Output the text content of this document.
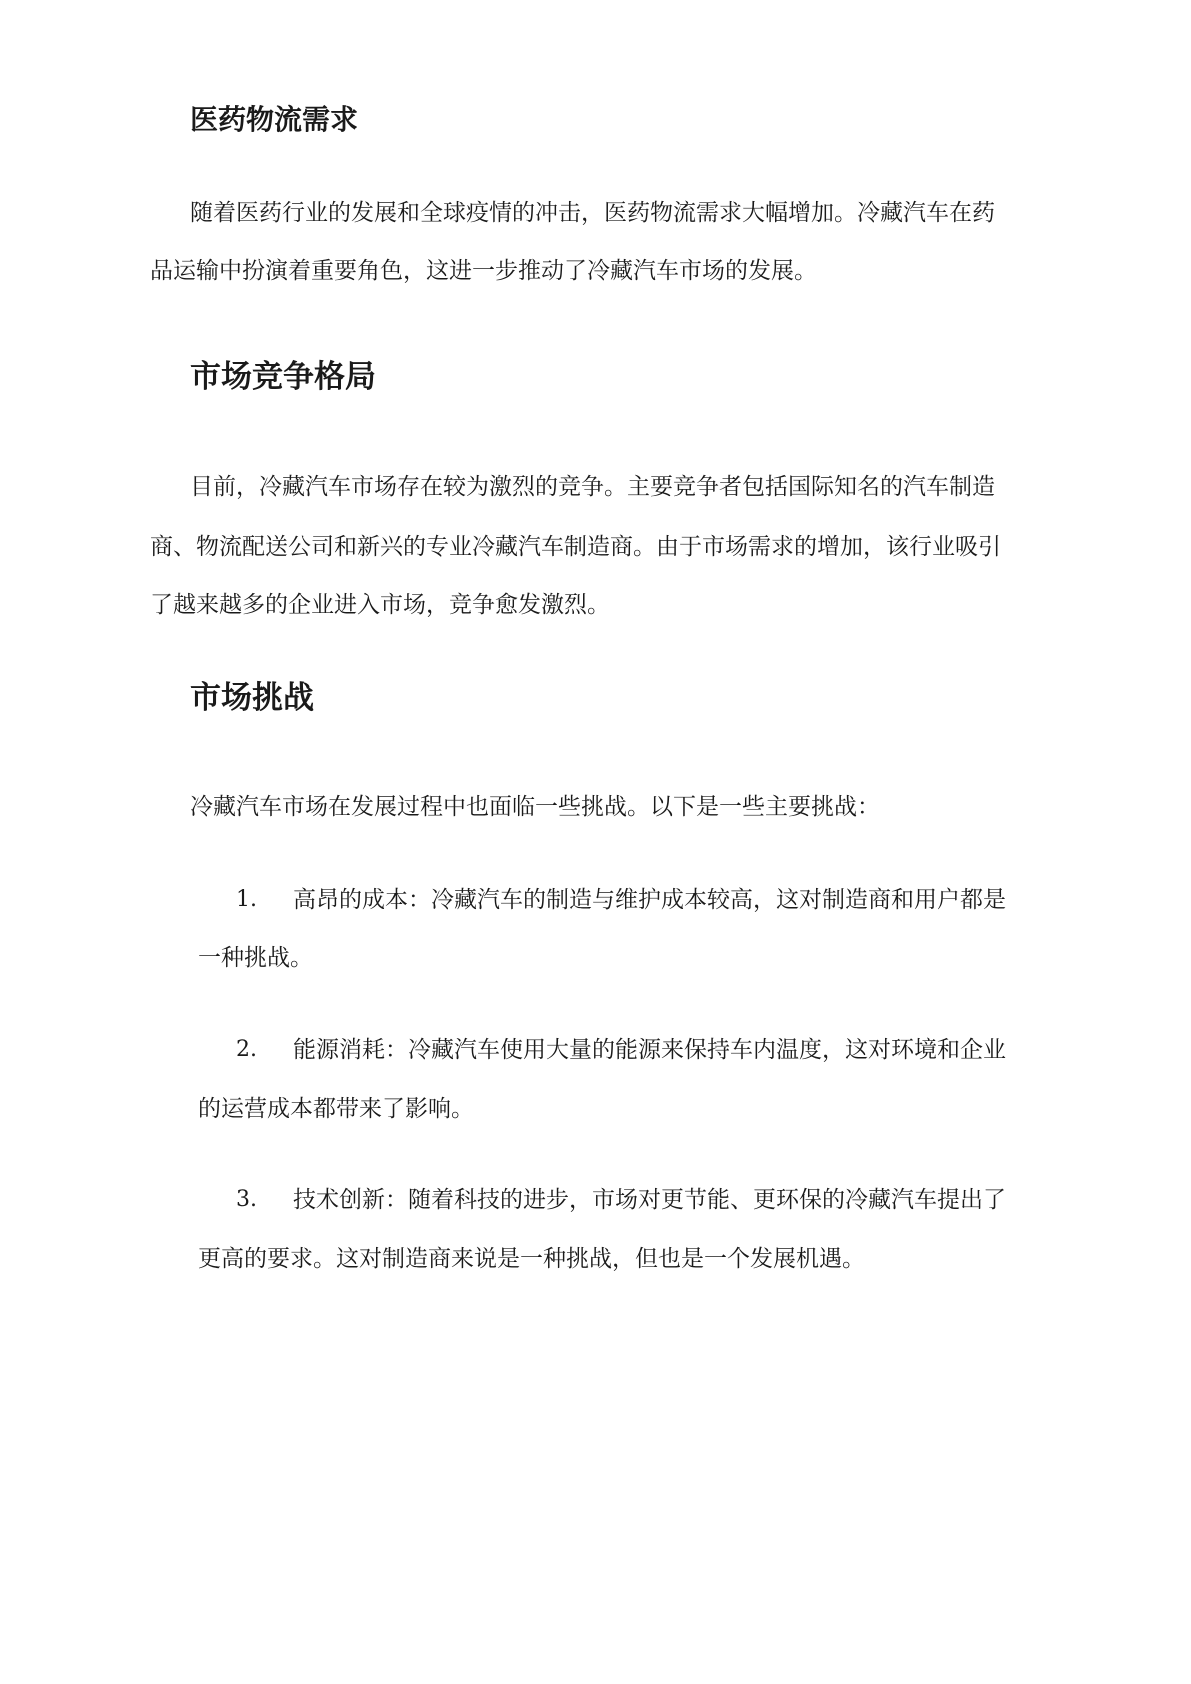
医药物流需求

随着医药行业的发展和全球疫情的冲击，医药物流需求大幅增加。冷藏汽车在药

品运输中扮演着重要角色，这进一步推动了冷藏汽车市场的发展。

市场竞争格局

目前，冷藏汽车市场存在较为激烈的竞争。主要竞争者包括国际知名的汽车制造

商、物流配送公司和新兴的专业冷藏汽车制造商。由于市场需求的增加，该行业吸引

了越来越多的企业进入市场，竞争愈发激烈。

市场挑战

冷藏汽车市场在发展过程中也面临一些挑战。以下是一些主要挑战：

1. 高昂的成本：冷藏汽车的制造与维护成本较高，这对制造商和用户都是

一种挑战。

2. 能源消耗：冷藏汽车使用大量的能源来保持车内温度，这对环境和企业

的运营成本都带来了影响。

3. 技术创新：随着科技的进步，市场对更节能、更环保的冷藏汽车提出了

更高的要求。这对制造商来说是一种挑战，但也是一个发展机遇。
